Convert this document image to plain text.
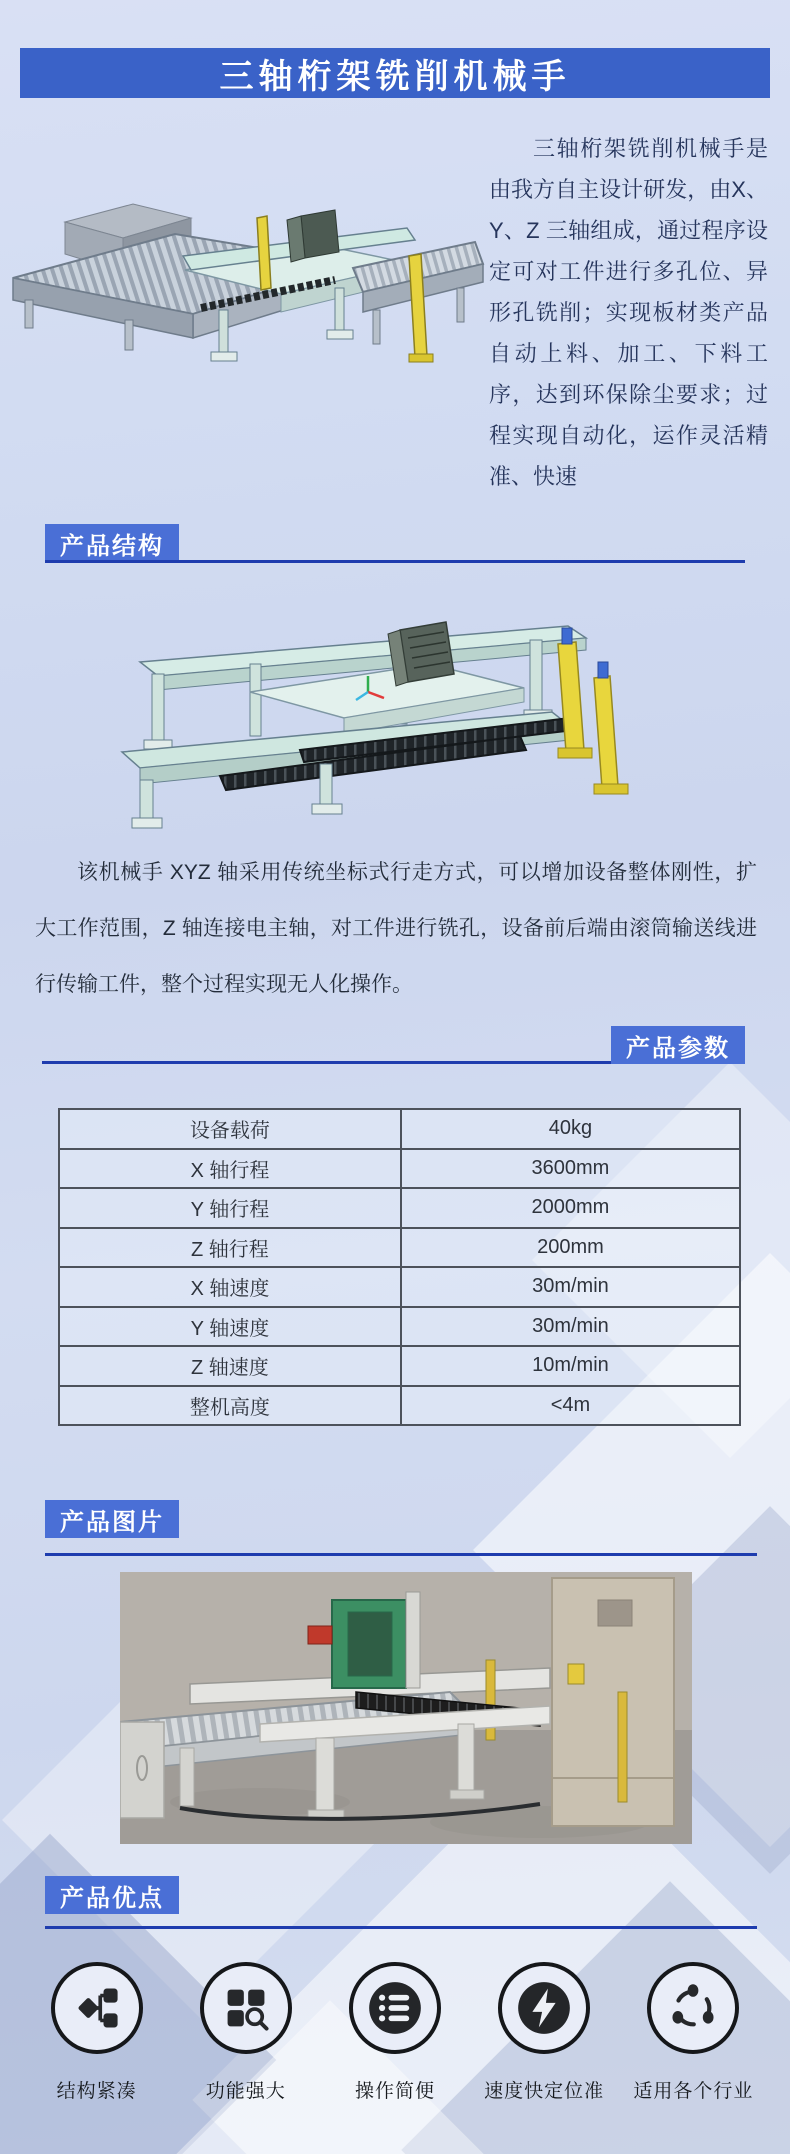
三轴桁架铣削机械手
三轴桁架铣削机械手是由我方自主设计研发，由X、Y、Z 三轴组成，通过程序设定可对工件进行多孔位、异形孔铣削；实现板材类产品自动上料、加工、下料工序，达到环保除尘要求；过程实现自动化，运作灵活精准、快速
产品结构
该机械手 XYZ 轴采用传统坐标式行走方式，可以增加设备整体刚性，扩大工作范围，Z 轴连接电主轴，对工件进行铣孔，设备前后端由滚筒输送线进行传输工件，整个过程实现无人化操作。
产品参数
设备载荷	40kg
X 轴行程	3600mm
Y 轴行程	2000mm
Z 轴行程	200mm
X 轴速度	30m/min
Y 轴速度	30m/min
Z 轴速度	10m/min
整机高度	<4m
产品图片
产品优点
结构紧凑	功能强大	操作简便	速度快定位准 适用各个行业
